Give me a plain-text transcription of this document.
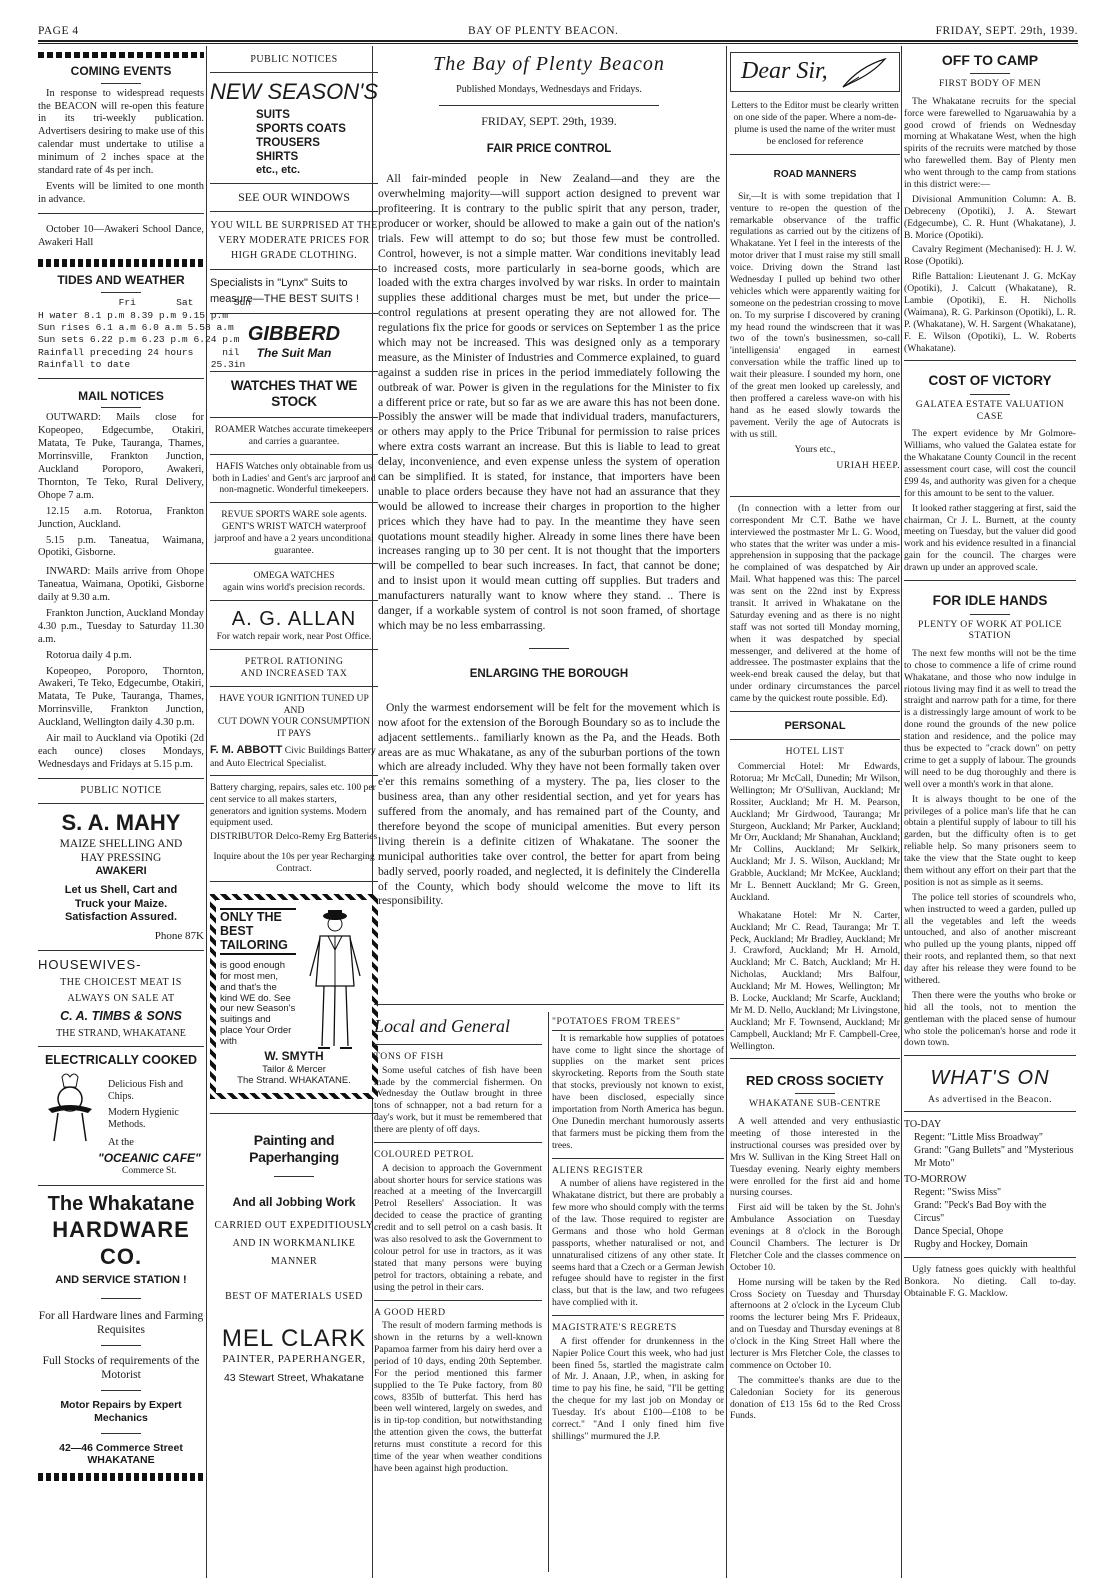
PAGE 4	BAY OF PLENTY BEACON.	FRIDAY, SEPT. 29th, 1939.
COMING EVENTS
In response to widespread requests the BEACON will re-open this feature in its tri-weekly publication. Advertisers desiring to make use of this calendar must undertake to utilise a minimum of 2 inches space at the standard rate of 4s per inch.
Events will be limited to one month in advance.
October 10—Awakeri School Dance, Awakeri Hall
TIDES AND WEATHER
Fri       Sat       Sun
H water 8.1 p.m 8.39 p.m 9.15 p.m
Sun rises 6.1 a.m 6.0 a.m 5.58 a.m
Sun sets 6.22 p.m 6.23 p.m 6.24 p.m
Rainfall preceding 24 hours     nil
Rainfall to date              25.3in
MAIL NOTICES
OUTWARD: Mails close for Kopeopeo, Edgecumbe, Otakiri, Matata, Te Puke, Tauranga, Thames, Morrinsville, Frankton Junction, Auckland Poroporo, Awakeri, Thornton, Te Teko, Rural Delivery, Ohope 7 a.m.
12.15 a.m. Rotorua, Frankton Junction, Auckland.
5.15 p.m. Taneatua, Waimana, Opotiki, Gisborne.
INWARD: Mails arrive from Ohope Taneatua, Waimana, Opotiki, Gisborne daily at 9.30 a.m.
Frankton Junction, Auckland Monday 4.30 p.m., Tuesday to Saturday 11.30 a.m.
Rotorua daily 4 p.m.
Kopeopeo, Poroporo, Thornton, Awakeri, Te Teko, Edgecumbe, Otakiri, Matata, Te Puke, Tauranga, Thames, Morrinsville, Frankton Junction, Auckland, Wellington daily 4.30 p.m.
Air mail to Auckland via Opotiki (2d each ounce) closes Mondays, Wednesdays and Fridays at 5.15 p.m.
PUBLIC NOTICE
S. A. MAHY
MAIZE SHELLING AND
HAY PRESSING
AWAKERI
Let us Shell, Cart and
Truck your Maize.
Satisfaction Assured.
Phone 87K
HOUSEWIVES-
THE CHOICEST MEAT IS
ALWAYS ON SALE AT
C. A. TIMBS & SONS
THE STRAND, WHAKATANE
ELECTRICALLY COOKED
Delicious Fish and Chips.
Modern Hygienic Methods.
At the
"OCEANIC CAFE"
Commerce St.
The Whakatane
HARDWARE CO.
AND SERVICE STATION !
For all Hardware lines and Farming Requisites
Full Stocks of requirements of the Motorist
Motor Repairs by Expert Mechanics
42—46 Commerce Street
WHAKATANE
PUBLIC NOTICES
NEW SEASON'S
SUITS
SPORTS COATS
TROUSERS
SHIRTS
etc., etc.
SEE OUR WINDOWS
YOU WILL BE SURPRISED AT THE VERY MODERATE PRICES FOR HIGH GRADE CLOTHING.
Specialists in "Lynx" Suits to measure—THE BEST SUITS !
GIBBERD
The Suit Man
WATCHES THAT WE STOCK
ROAMER Watches accurate timekeepers and carries a guarantee.
HAFIS Watches only obtainable from us both in Ladies' and Gent's arc jarproof and non-magnetic. Wonderful timekeepers.
REVUE SPORTS WARE sole agents. GENT'S WRIST WATCH waterproof jarproof and have a 2 years unconditional guarantee.
OMEGA WATCHES
again wins world's precision records.
A. G. ALLAN
For watch repair work, near Post Office.
PETROL RATIONING
AND INCREASED TAX
HAVE YOUR IGNITION TUNED UP
AND
CUT DOWN YOUR CONSUMPTION
IT PAYS
F. M. ABBOTT Civic Buildings Battery and Auto Electrical Specialist.
Battery charging, repairs, sales etc. 100 per cent service to all makes starters, generators and ignition systems. Modern equipment used.
DISTRIBUTOR Delco-Remy Erg Batteries
Inquire about the 10s per year Recharging Contract.
ONLY THE BEST TAILORING
is good enough for most men, and that's the kind WE do. See our new Season's suitings and place Your Order with
W. SMYTH
Tailor & Mercer
The Strand. WHAKATANE.
Painting and Paperhanging
And all Jobbing Work
CARRIED OUT EXPEDITIOUSLY AND IN WORKMANLIKE MANNER
BEST OF MATERIALS USED
MEL CLARK
PAINTER, PAPERHANGER,
43 Stewart Street, Whakatane
The Bay of Plenty Beacon
Published Mondays, Wednesdays and Fridays.
FRIDAY, SEPT. 29th, 1939.
FAIR PRICE CONTROL
All fair-minded people in New Zealand—and they are the overwhelming majority—will support action designed to prevent war profiteering. It is contrary to the public spirit that any person, trader, producer or worker, should be allowed to make a gain out of the nation's trials. Few will attempt to do so; but those few must be controlled. Control, however, is not a simple matter. War conditions inevitably lead to increased costs, more particularly in sea-borne goods, which are loaded with the extra charges involved by war risks. In order to maintain supplies these additional charges must be met, but under the price—control regulations at present operating they are not allowed for. The regulations fix the price for goods or services on September 1 as the price which may not be increased. This was designed only as a temporary measure, as the Minister of Industries and Commerce explained, to guard against a sudden rise in prices in the period immediately following the outbreak of war. Power is given in the regulations for the Minister to fix a different price or rate, but so far as we are aware this has not been done. Possibly the answer will be made that individual traders, manufacturers, or others may apply to the Price Tribunal for permission to raise prices where extra costs warrant an increase. But this is liable to lead to great delay, inconvenience, and even expense unless the system of operation can be simplified. It is stated, for instance, that importers have been unable to place orders because they have not had an assurance that they would be allowed to increase their charges in proportion to the higher prices which they have had to pay. In the meantime they have seen quotations mount steadily higher. Already in some lines there have been increases ranging up to 30 per cent. It is not thought that the importers will be compelled to bear such increases. In fact, that cannot be done; and to insist upon it would mean cutting off supplies. But traders and manufacturers naturally want to know where they stand. .. There is danger, if a workable system of control is not soon framed, of shortage which may be no less embarrassing.
ENLARGING THE BOROUGH
Only the warmest endorsement will be felt for the movement which is now afoot for the extension of the Borough Boundary so as to include the adjacent settlements.. familiarly known as the Pa, and the Heads. Both areas are as muc Whakatane, as any of the suburban portions of the town which are already included. Why they have not been formally taken over e'er this remains something of a mystery. The pa, lies closer to the business area, than any other residential section, and yet for years has suffered from the anomaly, and has remained part of the County, and therefore beyond the scope of municipal amenities. But every person living therein is a definite citizen of Whakatane. The sooner the municipal authorities take over control, the better for apart from being badly served, poorly roaded, and neglected, it is definitely the Cinderella of the County, which body should welcome the move to lift its responsibility.
Local and General
TONS OF FISH
Some useful catches of fish have been made by the commercial fishermen. On Wednesday the Outlaw brought in three tons of schnapper, not a bad return for a day's work, but it must be remembered that there are plenty of off days.
COLOURED PETROL
A decision to approach the Government about shorter hours for service stations was reached at a meeting of the Invercargill Petrol Resellers' Association. It was decided to cease the practice of granting credit and to sell petrol on a cash basis. It was also resolved to ask the Government to colour petrol for use in tractors, as it was stated that many persons were buying petrol for tractors, obtaining a rebate, and using the petrol in their cars.
A GOOD HERD
The result of modern farming methods is shown in the returns by a well-known Papamoa farmer from his dairy herd over a period of 10 days, ending 20th September. For the period mentioned this farmer supplied to the Te Puke factory, from 80 cows, 835lb of butterfat. This herd has been well wintered, largely on swedes, and is in tip-top condition, but notwithstanding the attention given the cows, the butterfat returns must constitute a record for this time of the year when weather conditions have been against high production.
"POTATOES FROM TREES"
It is remarkable how supplies of potatoes have come to light since the shortage of supplies on the market sent prices skyrocketing. Reports from the South state that stocks, previously not known to exist, have been disclosed, especially since importation from North America has begun. One Dunedin merchant humorously asserts that farmers must be picking them from the trees.
ALIENS REGISTER
A number of aliens have registered in the Whakatane district, but there are probably a few more who should comply with the terms of the law. Those required to register are Germans and those who hold German passports, whether naturalised or not, and unnaturalised citizens of any other state. It seems hard that a Czech or a German Jewish refugee should have to register in the first class, but that is the law, and two refugees have complied with it.
MAGISTRATE'S REGRETS
A first offender for drunkenness in the Napier Police Court this week, who had just been fined 5s, startled the magistrate calm of Mr. J. Anaan, J.P., when, in asking for time to pay his fine, he said, "I'll be getting the cheque for my last job on Monday or Tuesday. It's about £100—£108 to be correct." "And I only fined him five shillings" murmured the J.P.
Dear Sir,
Letters to the Editor must be clearly written on one side of the paper. Where a nom-de-plume is used the name of the writer must be enclosed for reference
ROAD MANNERS
Sir,—It is with some trepidation that I venture to re-open the question of the remarkable observance of the traffic regulations as carried out by the citizens of Whakatane. Yet I feel in the interests of the motor driver that I must raise my still small voice. Driving down the Strand last Wednesday I pulled up behind two other vehicles which were apparently waiting for someone on the pedestrian crossing to move on. To my surprise I discovered by craning my head round the windscreen that it was two of the town's businessmen, so-call 'intelligensia' engaged in earnest conversation while the traffic lined up to wait their pleasure. I sounded my horn, one of the great men looked up carelessly, and then proffered a careless wave-on with his hand as he eased slowly towards the pavement. Verily the age of Autocrats is with us still.
Yours etc.,
URIAH HEEP.
(In connection with a letter from our correspondent Mr C.T. Bathe we have interviewed the postmaster Mr L. G. Wood, who states that the writer was under a mis-apprehension in supposing that the package he complained of was despatched by Air Mail. What happened was this: The parcel was sent on the 22nd inst by Express transit. It arrived in Whakatane on the Saturday evening and as there is no night staff was not sorted till Monday morning, when it was despatched by special messenger, and delivered at the home of addressee. The postmaster explains that the week-end break caused the delay, but that under ordinary circumstances the parcel came by the quickest route possible. Ed).
PERSONAL
HOTEL LIST
Commercial Hotel: Mr Edwards, Rotorua; Mr McCall, Dunedin; Mr Wilson, Wellington; Mr O'Sullivan, Auckland; Mr Rossiter, Auckland; Mr H. M. Pearson, Auckland; Mr Girdwood, Tauranga; Mr Sturgeon, Auckland; Mr Parker, Auckland; Mr Orr, Auckland; Mr Shanahan, Auckland; Mr Collins, Auckland; Mr Selkirk, Auckland; Mr J. S. Wilson, Auckland; Mr Grabble, Auckland; Mr McKee, Auckland; Mr L. Bennett Auckland; Mr G. Green, Auckland.
Whakatane Hotel: Mr N. Carter, Auckland; Mr C. Read, Tauranga; Mr T. Peck, Auckland; Mr Bradley, Auckland; Mr J. Crawford, Auckland; Mr H. Arnold, Auckland; Mr C. Batch, Auckland; Mr H. Nicholas, Auckland; Mrs Balfour, Auckland; Mr M. Howes, Wellington; Mr B. Locke, Auckland; Mr Scarfe, Auckland; Mr M. D. Nello, Auckland; Mr Livingstone, Auckland; Mr F. Townsend, Auckland; Mr Campbell, Auckland; Mr F. Campbell-Cree, Wellington.
RED CROSS SOCIETY
WHAKATANE SUB-CENTRE
A well attended and very enthusiastic meeting of those interested in the instructional courses was presided over by Mrs W. Sullivan in the King Street Hall on Tuesday evening. Nearly eighty members were enrolled for the first aid and home nursing courses.
First aid will be taken by the St. John's Ambulance Association on Tuesday evenings at 8 o'clock in the Borough Council Chambers. The lecturer is Dr Fletcher Cole and the classes commence on October 10.
Home nursing will be taken by the Red Cross Society on Tuesday and Thursday afternoons at 2 o'clock in the Lyceum Club rooms the lecturer being Mrs F. Prideaux, and on Tuesday and Thursday evenings at 8 o'clock in the King Street Hall where the lecturer is Mrs Fletcher Cole, the classes to commence on October 10.
The committee's thanks are due to the Caledonian Society for its generous donation of £13 15s 6d to the Red Cross Funds.
OFF TO CAMP
FIRST BODY OF MEN
The Whakatane recruits for the special force were farewelled to Ngaruawahia by a good crowd of friends on Wednesday morning at Whakatane West, when the high spirits of the recruits were matched by those who farewelled them. Bay of Plenty men who went through to the camp from stations in this district were:—
Divisional Ammunition Column: A. B. Debreceny (Opotiki), J. A. Stewart (Edgecumbe), C. R. Hunt (Whakatane), J. B. Morice (Opotiki).
Cavalry Regiment (Mechanised): H. J. W. Rose (Opotiki).
Rifle Battalion: Lieutenant J. G. McKay (Opotiki), J. Calcutt (Whakatane), R. Lambie (Opotiki), E. H. Nicholls (Waimana), R. G. Parkinson (Opotiki), L. R. P. (Whakatane), W. H. Sargent (Whakatane), F. E. Wilson (Opotiki), L. W. Roberts (Whakatane).
COST OF VICTORY
GALATEA ESTATE VALUATION CASE
The expert evidence by Mr Golmore-Williams, who valued the Galatea estate for the Whakatane County Council in the recent assessment court case, will cost the council £99 4s, and authority was given for a cheque for this amount to be sent to the valuer.
It looked rather staggering at first, said the chairman, Cr J. L. Burnett, at the county meeting on Tuesday, but the valuer did good work and his evidence resulted in a financial gain for the council. The charges were drawn up under an approved scale.
FOR IDLE HANDS
PLENTY OF WORK AT POLICE STATION
The next few months will not be the time to chose to commence a life of crime round Whakatane, and those who now indulge in riotous living may find it as well to tread the straight and narrow path for a time, for there is a distressingly large amount of work to be done round the grounds of the new police station and residence, and the police may thus be expected to "crack down" on petty crime to get a supply of labour. The grounds will need to be dug thoroughly and there is well over a month's work in that alone.
It is always thought to be one of the privileges of a police man's life that he can obtain a plentiful supply of labour to till his garden, but the difficulty often is to get reliable help. So many prisoners seem to take the view that the State ought to keep them without any effort on their part that the position is not as simple as it seems.
The police tell stories of scoundrels who, when instructed to weed a garden, pulled up all the vegetables and left the weeds untouched, and also of another miscreant who pulled up the young plants, nipped off their roots, and replanted them, so that next day after his release they were found to be withered.
Then there were the youths who broke or hid all the tools, not to mention the gentleman with the placed sense of humour who stole the policeman's horse and rode it down town.
WHAT'S ON
As advertised in the Beacon.
TO-DAY
Regent: "Little Miss Broadway"
Grand: "Gang Bullets" and "Mysterious Mr Moto"
TO-MORROW
Regent: "Swiss Miss"
Grand: "Peck's Bad Boy with the Circus"
Dance Special, Ohope
Rugby and Hockey, Domain
Ugly fatness goes quickly with healthful Bonkora. No dieting. Call to-day. Obtainable F. G. Macklow.
